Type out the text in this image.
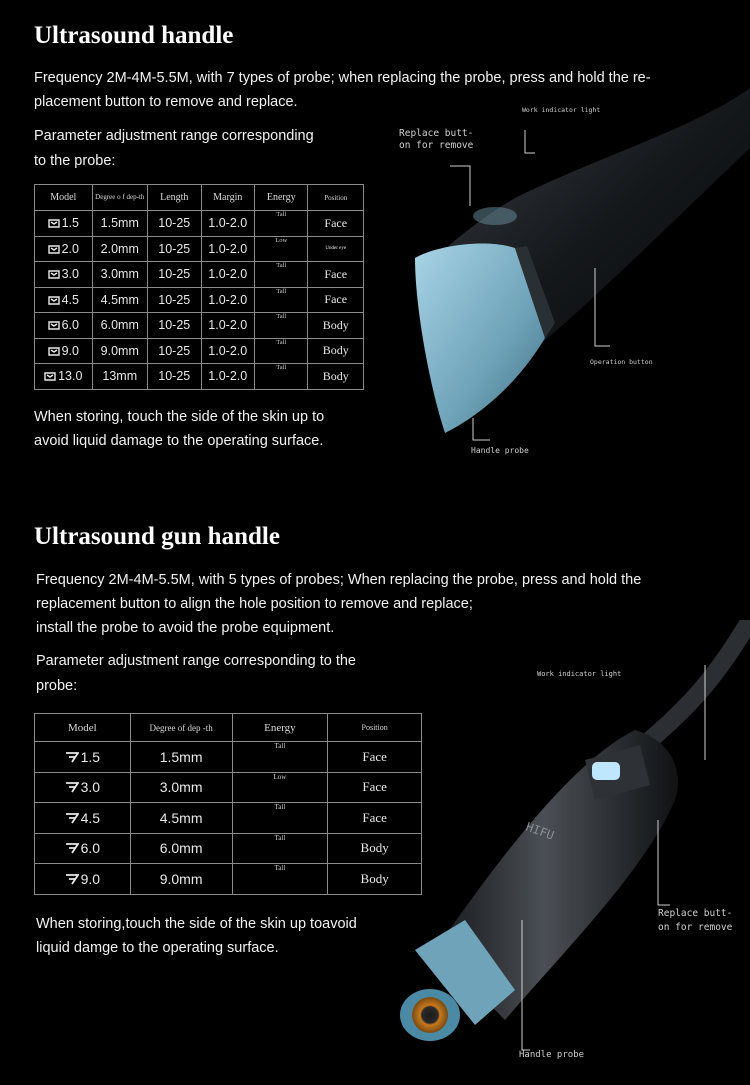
Ultrasound handle
Frequency 2M-4M-5.5M, with 7 types of probe; when replacing the probe, press and hold the re-
placement button to remove and replace.
Parameter adjustment range corresponding
to the probe:
Work indicator light
Replace butt-
on for remove
Operation button
Handle probe
Model	Degree o f dep-th	Length	Margin	Energy	Position
1.5	1.5mm	10-25	1.0-2.0	Tall	Face
2.0	2.0mm	10-25	1.0-2.0	Low	Under eye
3.0	3.0mm	10-25	1.0-2.0	Tall	Face
4.5	4.5mm	10-25	1.0-2.0	Tall	Face
6.0	6.0mm	10-25	1.0-2.0	Tall	Body
9.0	9.0mm	10-25	1.0-2.0	Tall	Body
13.0	13mm	10-25	1.0-2.0	Tall	Body
When storing, touch the side of the skin up to
avoid liquid damage to the operating surface.
Ultrasound gun handle
Frequency 2M-4M-5.5M, with 5 types of probes; When replacing the probe, press and hold the
replacement button to align the hole position to remove and replace;
install the probe to avoid the probe equipment.
Parameter adjustment range corresponding to the
probe:
HIFU
Work indicator light
Replace butt-
on for remove
Handle probe
Model	Degree of dep -th	Energy	Position
1.5	1.5mm	Tall	Face
3.0	3.0mm	Low	Face
4.5	4.5mm	Tall	Face
6.0	6.0mm	Tall	Body
9.0	9.0mm	Tall	Body
When storing,touch the side of the skin up toavoid
liquid damge to the operating surface.
